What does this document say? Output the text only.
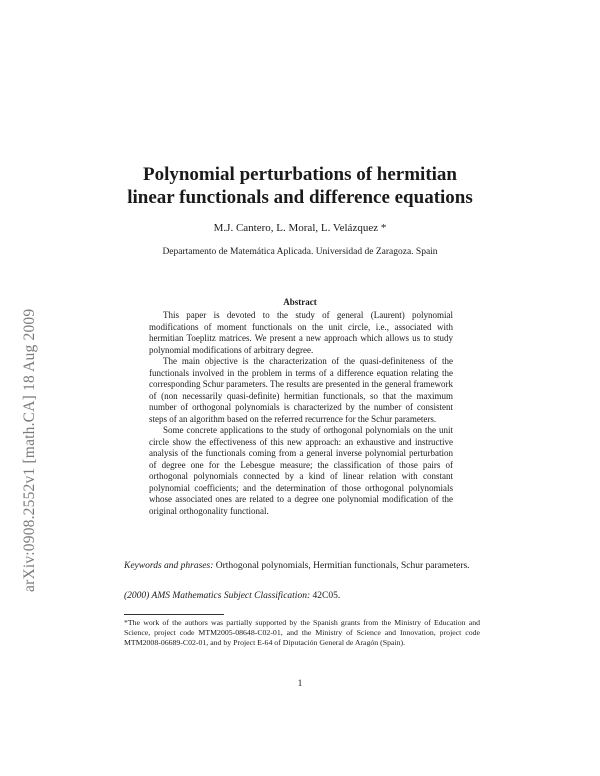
arXiv:0908.2552v1 [math.CA] 18 Aug 2009
Polynomial perturbations of hermitian
linear functionals and difference equations
M.J. Cantero, L. Moral, L. Velázquez *
Departamento de Matemática Aplicada. Universidad de Zaragoza. Spain
Abstract

This paper is devoted to the study of general (Laurent) polynomial modifications of moment functionals on the unit circle, i.e., associated with hermitian Toeplitz matrices. We present a new approach which allows us to study polynomial modifications of arbitrary degree.

The main objective is the characterization of the quasi-definiteness of the functionals involved in the problem in terms of a difference equation relating the corresponding Schur parameters. The results are presented in the general framework of (non necessarily quasi-definite) hermitian functionals, so that the maximum number of orthogonal polynomials is characterized by the number of consistent steps of an algorithm based on the referred recurrence for the Schur parameters.

Some concrete applications to the study of orthogonal polynomials on the unit circle show the effectiveness of this new approach: an exhaustive and instructive analysis of the functionals coming from a general inverse polynomial perturbation of degree one for the Lebesgue measure; the classification of those pairs of orthogonal polynomials connected by a kind of linear relation with constant polynomial coefficients; and the determination of those orthogonal polynomials whose associated ones are related to a degree one polynomial modification of the original orthogonality functional.

Keywords and phrases: Orthogonal polynomials, Hermitian functionals, Schur parameters.
(2000) AMS Mathematics Subject Classification: 42C05.
*The work of the authors was partially supported by the Spanish grants from the Ministry of Education and Science, project code MTM2005-08648-C02-01, and the Ministry of Science and Innovation, project code MTM2008-06689-C02-01, and by Project E-64 of Diputación General de Aragón (Spain).
1
